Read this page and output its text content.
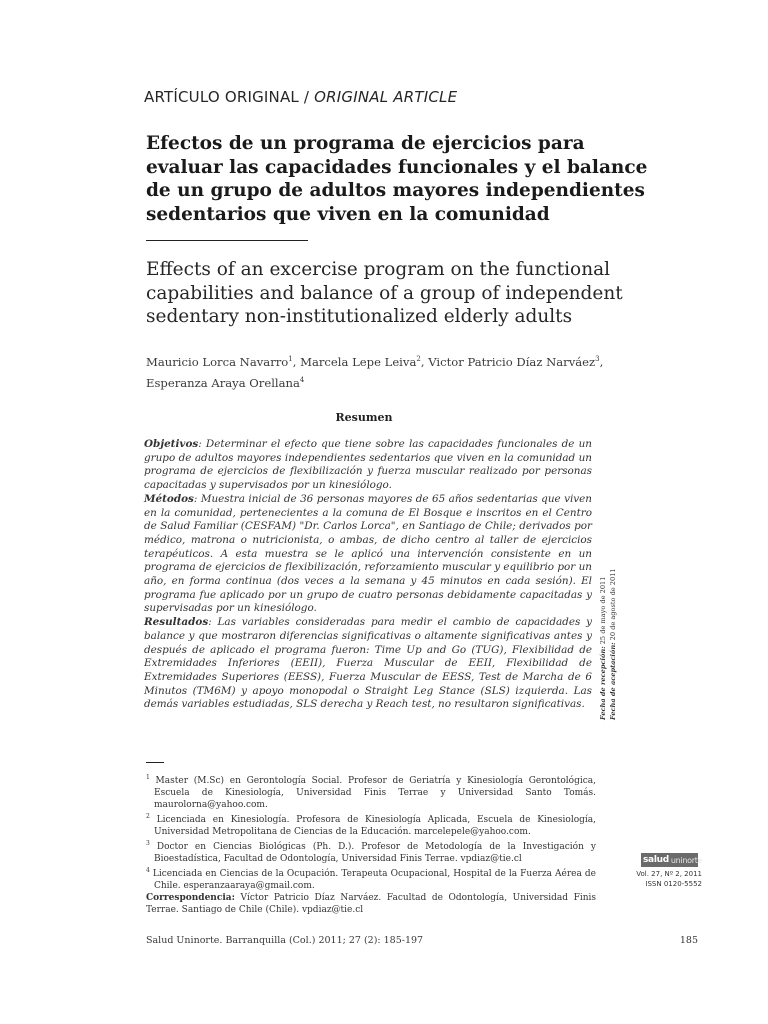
ARTÍCULO ORIGINAL / ORIGINAL ARTICLE
Efectos de un programa de ejercicios para evaluar las capacidades funcionales y el balance de un grupo de adultos mayores independientes sedentarios que viven en la comunidad
Effects of an excercise program on the functional capabilities and balance of a group of independent sedentary non-institutionalized elderly adults
Mauricio Lorca Navarro$^1$, Marcela Lepe Leiva$^2$, Victor Patricio Díaz Narváez$^3$,
Esperanza Araya Orellana$^4$
Resumen

Objetivos: Determinar el efecto que tiene sobre las capacidades funcionales de un grupo de adultos mayores independientes sedentarios que viven en la comunidad un programa de ejercicios de flexibilización y fuerza muscular realizado por personas capacitadas y supervisados por un kinesiólogo.

Métodos: Muestra inicial de 36 personas mayores de 65 años sedentarias que viven en la comunidad, pertenecientes a la comuna de El Bosque e inscritos en el Centro de Salud Familiar (CESFAM) "Dr. Carlos Lorca", en Santiago de Chile; derivados por médico, matrona o nutricionista, o ambas, de dicho centro al taller de ejercicios terapéuticos. A esta muestra se le aplicó una intervención consistente en un programa de ejercicios de flexibilización, reforzamiento muscular y equilibrio por un año, en forma continua (dos veces a la semana y 45 minutos en cada sesión). El programa fue aplicado por un grupo de cuatro personas debidamente capacitadas y supervisadas por un kinesiólogo.

Resultados: Las variables consideradas para medir el cambio de capacidades y balance y que mostraron diferencias significativas o altamente significativas antes y después de aplicado el programa fueron: Time Up and Go (TUG), Flexibilidad de Extremidades Inferiores (EEII), Fuerza Muscular de EEII, Flexibilidad de Extremidades Superiores (EESS), Fuerza Muscular de EESS, Test de Marcha de 6 Minutos (TM6M) y apoyo monopodal o Straight Leg Stance (SLS) izquierda. Las demás variables estudiadas, SLS derecha y Reach test, no resultaron significativas.	Fecha de recepción: 25 de mayo de 2011
Fecha de aceptación: 20 de agosto de 2011

$^1$ Master (M.Sc) en Gerontología Social. Profesor de Geriatría y Kinesiología Gerontológica, Escuela de Kinesiología, Universidad Finis Terrae y Universidad Santo Tomás. maurolorna@yahoo.com.

$^2$ Licenciada en Kinesiología. Profesora de Kinesiología Aplicada, Escuela de Kinesiología, Universidad Metropolitana de Ciencias de la Educación. marcelepele@yahoo.com.

$^3$ Doctor en Ciencias Biológicas (Ph. D.). Profesor de Metodología de la Investigación y Bioestadística, Facultad de Odontología, Universidad Finis Terrae. vpdiaz@tie.cl

$^4$ Licenciada en Ciencias de la Ocupación. Terapeuta Ocupacional, Hospital de la Fuerza Aérea de Chile. esperanzaaraya@gmail.com.

Correspondencia: Víctor Patricio Díaz Narváez. Facultad de Odontología, Universidad Finis Terrae. Santiago de Chile (Chile). vpdiaz@tie.cl

salud uninorte
Vol. 27, Nº 2, 2011
ISSN 0120-5552
Salud Uninorte. Barranquilla (Col.) 2011; 27 (2): 185-197	185
